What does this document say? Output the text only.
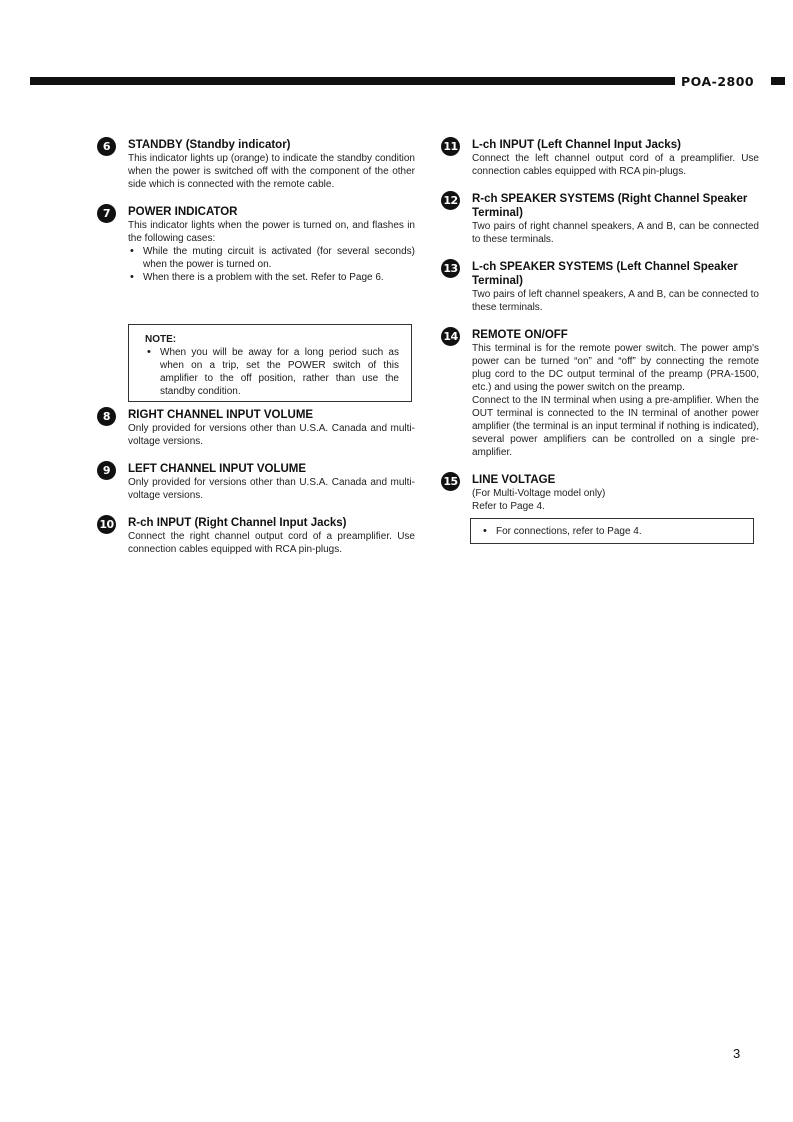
POA-2800
6	STANDBY (Standby indicator)
This indicator lights up (orange) to indicate the standby condition when the power is switched off with the component of the other side which is connected with the remote cable.
7	POWER INDICATOR
This indicator lights when the power is turned on, and flashes in the following cases:
• While the muting circuit is activated (for several seconds) when the power is turned on.
• When there is a problem with the set. Refer to Page 6.
8	RIGHT CHANNEL INPUT VOLUME
Only provided for versions other than U.S.A. Canada and multi-voltage versions.
9	LEFT CHANNEL INPUT VOLUME
Only provided for versions other than U.S.A. Canada and multi-voltage versions.
10 R-ch INPUT (Right Channel Input Jacks)
Connect the right channel output cord of a preamplifier. Use connection cables equipped with RCA pin-plugs.
NOTE:
• When you will be away for a long period such as when on a trip, set the POWER switch of this amplifier to the off position, rather than use the standby condition.
11 L-ch INPUT (Left Channel Input Jacks)
Connect the left channel output cord of a preamplifier. Use connection cables equipped with RCA pin-plugs.
12 R-ch SPEAKER SYSTEMS (Right Channel Speaker Terminal)
Two pairs of right channel speakers, A and B, can be connected to these terminals.
13 L-ch SPEAKER SYSTEMS (Left Channel Speaker Terminal)
Two pairs of left channel speakers, A and B, can be connected to these terminals.
14 REMOTE ON/OFF

This terminal is for the remote power switch. The power amp's power can be turned “on” and “off” by connecting the remote plug cord to the DC output terminal of the preamp (PRA-1500, etc.) and using the power switch on the preamp.

Connect to the IN terminal when using a pre-amplifier. When the OUT terminal is connected to the IN terminal of another power amplifier (the terminal is an input terminal if nothing is indicated), several power amplifiers can be controlled on a single pre-amplifier.

15 LINE VOLTAGE

(For Multi-Voltage model only)

Refer to Page 4.

• For connections, refer to Page 4.
3
